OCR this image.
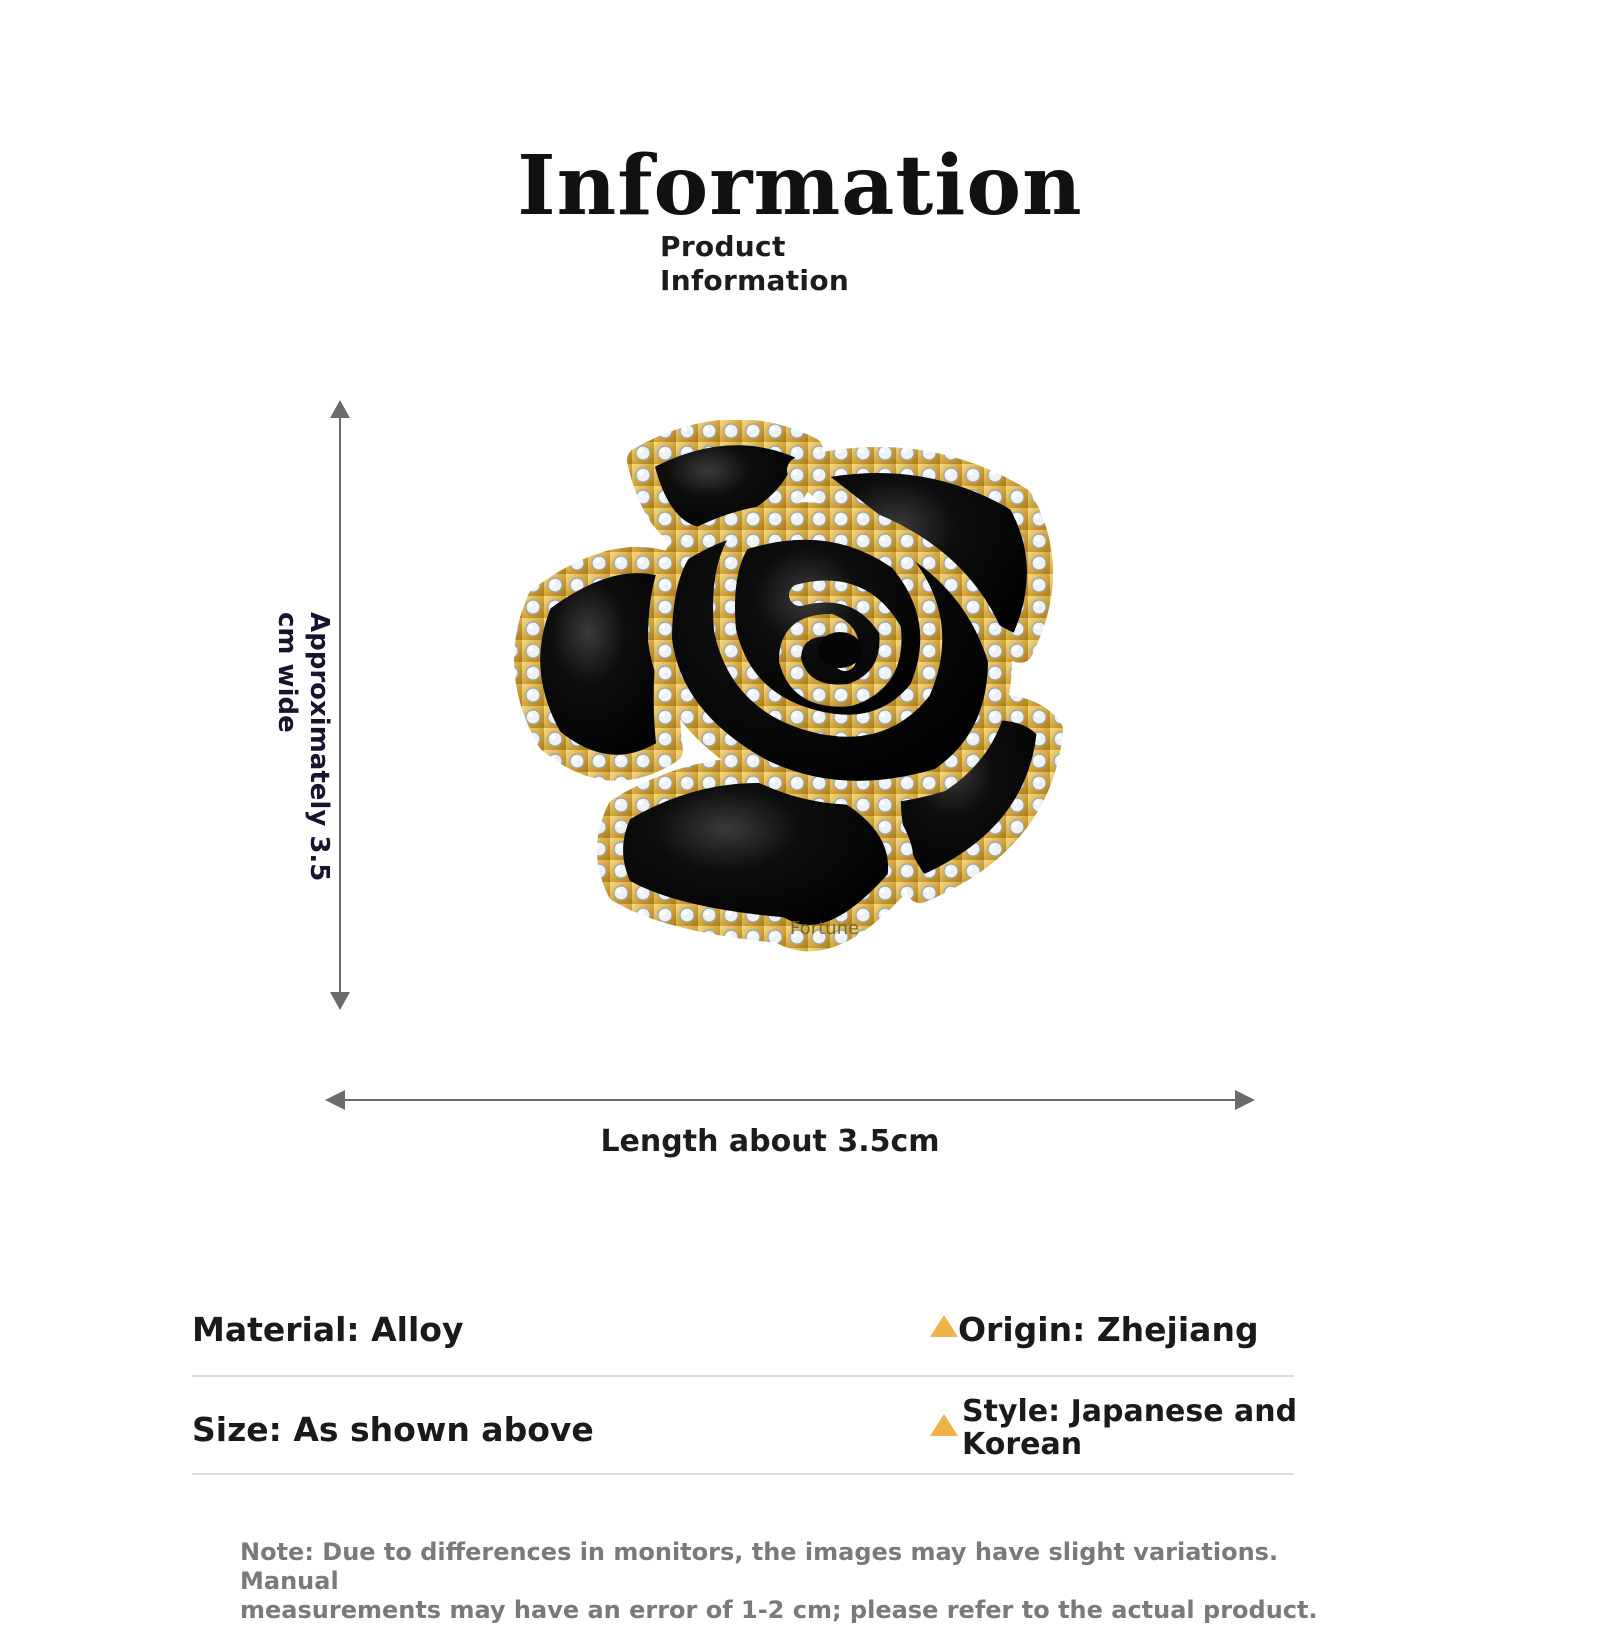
Information
Product
Information
Fortune
Approximately 3.5 cm wide
Length about 3.5cm
Material: Alloy	Origin: Zhejiang
Size: As shown above	Style: Japanese and
Korean
Note: Due to differences in monitors, the images may have slight variations. Manual
measurements may have an error of 1-2 cm; please refer to the actual product.
